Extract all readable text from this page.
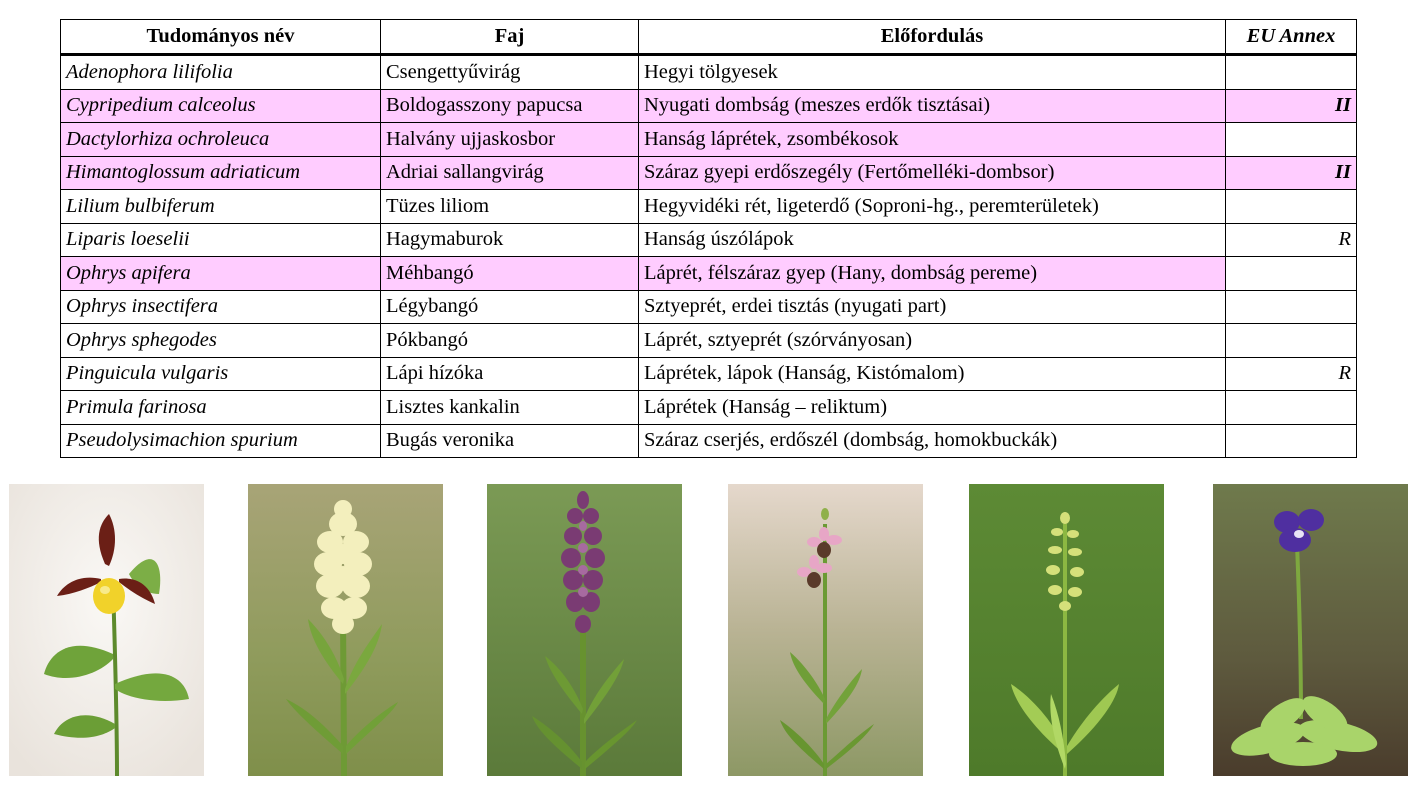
Tudományos név	Faj	Előfordulás	EU Annex
Adenophora lilifolia	Csengettyűvirág	Hegyi tölgyesek	
Cypripedium calceolus	Boldogasszony papucsa	Nyugati dombság (meszes erdők tisztásai)	II
Dactylorhiza ochroleuca	Halvány ujjaskosbor	Hanság láprétek, zsombékosok	
Himantoglossum adriaticum	Adriai sallangvirág	Száraz gyepi erdőszegély (Fertőmelléki-dombsor)	II
Lilium bulbiferum	Tüzes liliom	Hegyvidéki rét, ligeterdő (Soproni-hg., peremterületek)	
Liparis loeselii	Hagymaburok	Hanság úszólápok	R
Ophrys apifera	Méhbangó	Láprét, félszáraz gyep (Hany, dombság pereme)	
Ophrys insectifera	Légybangó	Sztyeprét, erdei tisztás (nyugati part)	
Ophrys sphegodes	Pókbangó	Láprét, sztyeprét (szórványosan)	
Pinguicula vulgaris	Lápi hízóka	Láprétek, lápok (Hanság, Kistómalom)	R
Primula farinosa	Lisztes kankalin	Láprétek (Hanság – reliktum)	
Pseudolysimachion spurium	Bugás veronika	Száraz cserjés, erdőszél (dombság, homokbuckák)	
